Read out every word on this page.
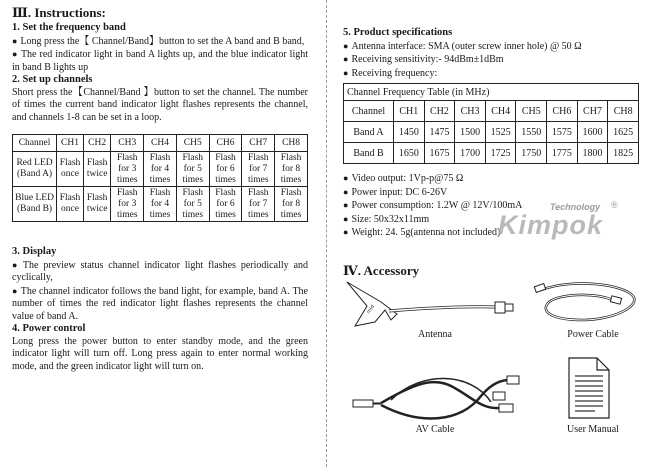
Ⅲ. Instructions:
1. Set the frequency band

● Long press the【 Channel/Band】button to set the A band and B band,

● The red indicator light in band A lights up, and the blue indicator light in band B lights up

2. Set up channels

Short press the【Channel/Band 】button to set the channel. The number of times the current band indicator light flashes represents the channel, and channels 1-8 can be set in a loop.

Channel	CH1	CH2	CH3	CH4	CH5	CH6	CH7	CH8
Red LED (Band A)	Flash once	Flash twice	Flash for 3 times	Flash for 4 times	Flash for 5 times	Flash for 6 times	Flash for 7 times	Flash for 8 times
Blue LED (Band B)	Flash once	Flash twice	Flash for 3 times	Flash for 4 times	Flash for 5 times	Flash for 6 times	Flash for 7 times	Flash for 8 times
3. Display

● The preview status channel indicator light flashes periodically and cyclically,

● The channel indicator follows the band light, for example, band A. The number of times the red indicator light flashes represents the channel value of band A.

4. Power control

Long press the power button to enter standby mode, and the green indicator light will turn off. Long press again to enter normal working mode, and the green indicator light will turn on.

5. Product specifications

● Antenna interface: SMA (outer screw inner hole) @ 50 Ω

● Receiving sensitivity:- 94dBm±1dBm

● Receiving frequency:

Channel Frequency Table (in MHz)								
Channel	CH1	CH2	CH3	CH4	CH5	CH6	CH7	CH8
Band A	1450	1475	1500	1525	1550	1575	1600	1625
Band B	1650	1675	1700	1725	1750	1775	1800	1825

● Video output: 1Vp-p@75 Ω

● Power input: DC 6-26V

● Power consumption: 1.2W @ 12V/100mA

● Size: 50x32x11mm

● Weight: 24. 5g(antenna not included)

Technology ®
Kimpok
Ⅳ. Accessory
mid
Antenna	Power Cable
AV Cable	User Manual
